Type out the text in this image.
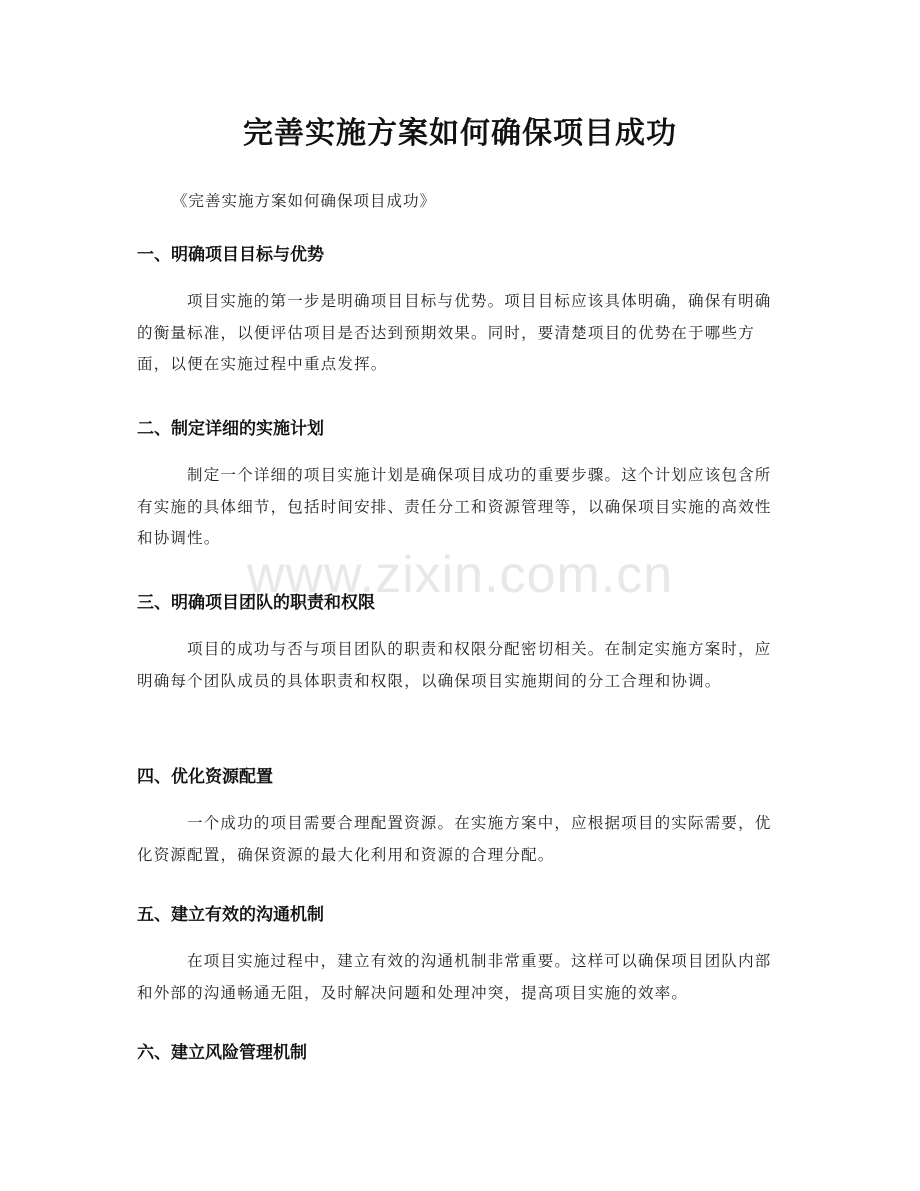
www.zixin.com.cn
完善实施方案如何确保项目成功
《完善实施方案如何确保项目成功》
一、明确项目目标与优势

项目实施的第一步是明确项目目标与优势。项目目标应该具体明确，确保有明确的衡量标准，以便评估项目是否达到预期效果。同时，要清楚项目的优势在于哪些方面，以便在实施过程中重点发挥。

二、制定详细的实施计划

制定一个详细的项目实施计划是确保项目成功的重要步骤。这个计划应该包含所有实施的具体细节，包括时间安排、责任分工和资源管理等，以确保项目实施的高效性和协调性。

三、明确项目团队的职责和权限

项目的成功与否与项目团队的职责和权限分配密切相关。在制定实施方案时，应明确每个团队成员的具体职责和权限，以确保项目实施期间的分工合理和协调。

四、优化资源配置

一个成功的项目需要合理配置资源。在实施方案中，应根据项目的实际需要，优化资源配置，确保资源的最大化利用和资源的合理分配。

五、建立有效的沟通机制

在项目实施过程中，建立有效的沟通机制非常重要。这样可以确保项目团队内部和外部的沟通畅通无阻，及时解决问题和处理冲突，提高项目实施的效率。

六、建立风险管理机制
